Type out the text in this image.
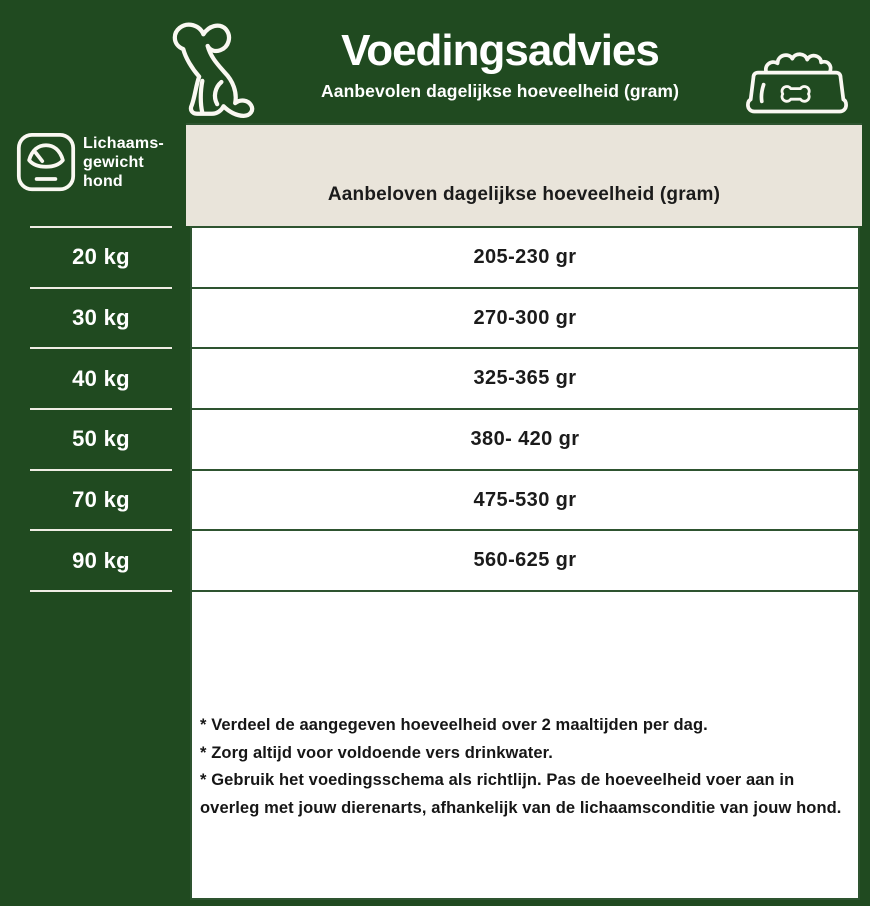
Voedingsadvies
Aanbevolen dagelijkse hoeveelheid (gram)
Lichaams-
gewicht
hond
Aanbeloven dagelijkse hoeveelheid (gram)
20 kg
30 kg
40 kg
50 kg
70 kg
90 kg
205-230 gr
270-300 gr
325-365 gr
380- 420 gr
475-530 gr
560-625 gr

* Verdeel de aangegeven hoeveelheid over 2 maaltijden per dag.

* Zorg altijd voor voldoende vers drinkwater.

* Gebruik het voedingsschema als richtlijn. Pas de hoeveelheid voer aan in overleg met jouw dierenarts, afhankelijk van de lichaamsconditie van jouw hond.
